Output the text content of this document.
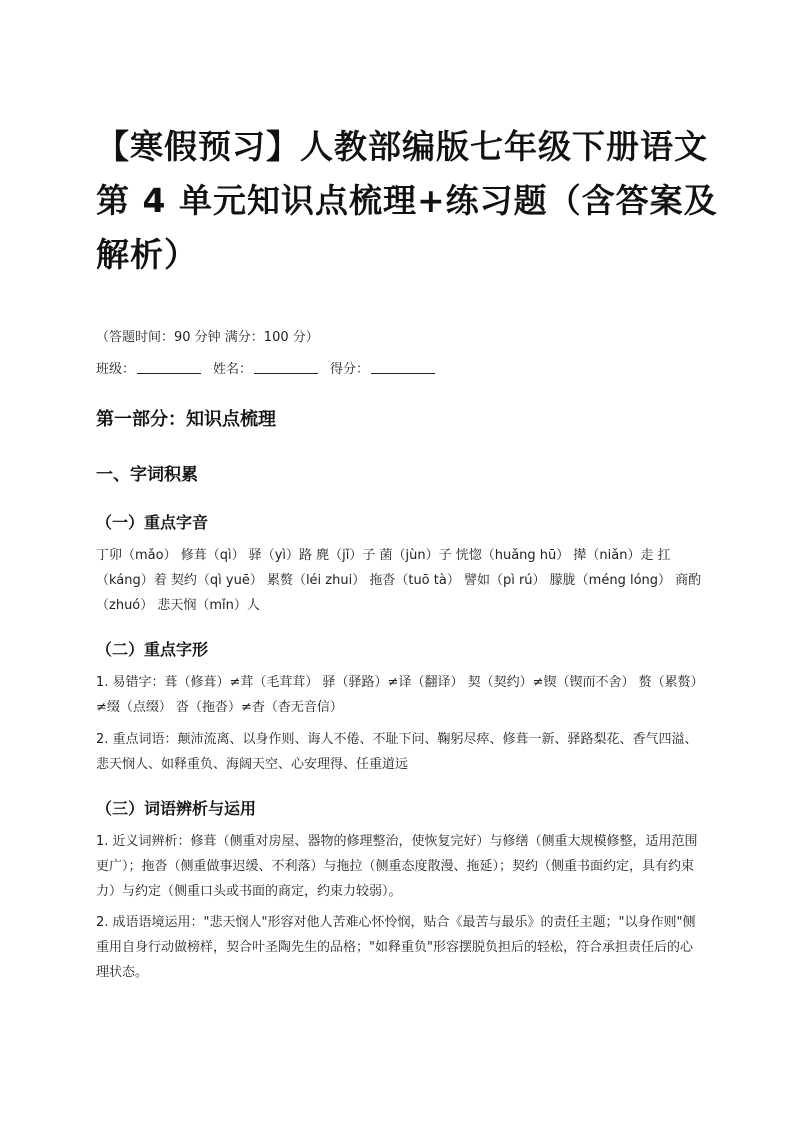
【寒假预习】人教部编版七年级下册语文第 4 单元知识点梳理+练习题（含答案及解析）
（答题时间：90 分钟 满分：100 分）
班级：	姓名：	得分：
第一部分：知识点梳理
一、字词积累
（一）重点字音

丁卯（mǎo） 修葺（qì） 驿（yì）路 麂（jǐ）子 菌（jùn）子 恍惚（huǎng hū） 撵（niǎn）走 扛（káng）着 契约（qì yuē） 累赘（léi zhui） 拖沓（tuō tà） 譬如（pì rú） 朦胧（méng lóng） 商酌（zhuó） 悲天悯（mǐn）人

（二）重点字形

1. 易错字：葺（修葺）≠茸（毛茸茸） 驿（驿路）≠译（翻译） 契（契约）≠锲（锲而不舍） 赘（累赘）≠缀（点缀） 沓（拖沓）≠杳（杳无音信）

2. 重点词语：颠沛流离、以身作则、诲人不倦、不耻下问、鞠躬尽瘁、修葺一新、驿路梨花、香气四溢、悲天悯人、如释重负、海阔天空、心安理得、任重道远

（三）词语辨析与运用

1. 近义词辨析：修葺（侧重对房屋、器物的修理整治，使恢复完好）与修缮（侧重大规模修整，适用范围更广）；拖沓（侧重做事迟缓、不利落）与拖拉（侧重态度散漫、拖延）；契约（侧重书面约定，具有约束力）与约定（侧重口头或书面的商定，约束力较弱）。

2. 成语语境运用："悲天悯人"形容对他人苦难心怀怜悯，贴合《最苦与最乐》的责任主题；"以身作则"侧重用自身行动做榜样，契合叶圣陶先生的品格；"如释重负"形容摆脱负担后的轻松，符合承担责任后的心理状态。
